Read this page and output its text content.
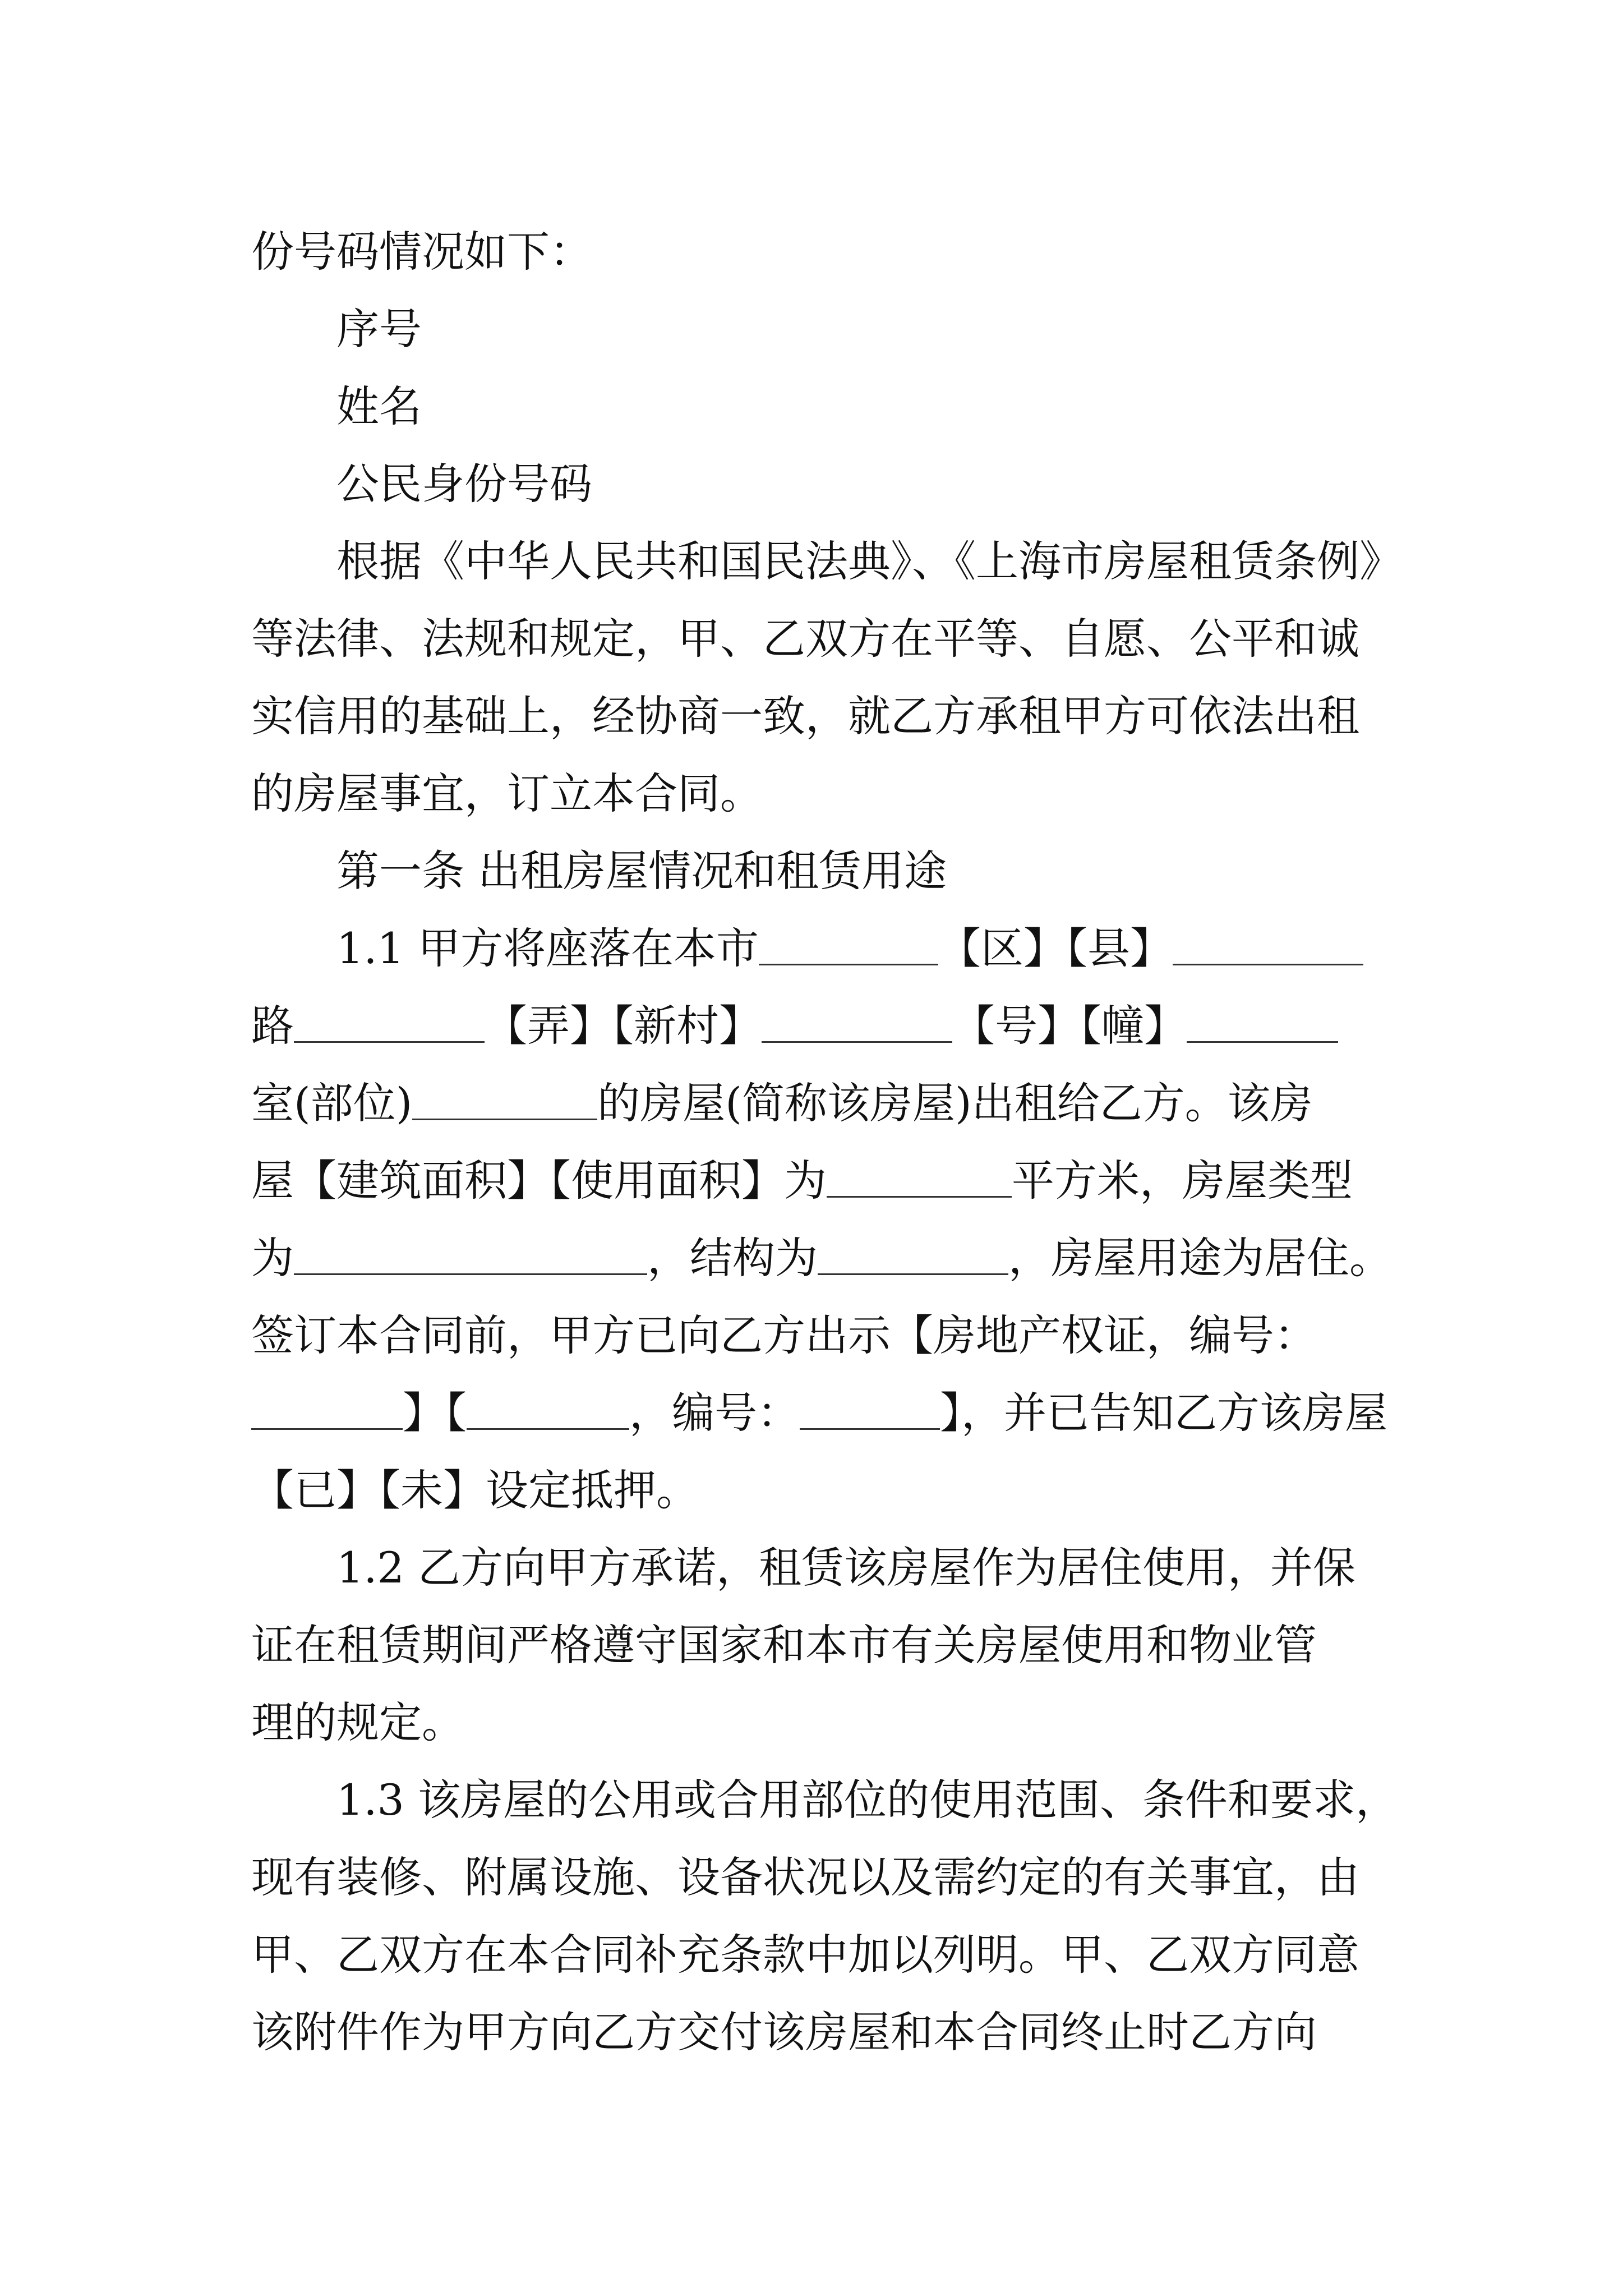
份号码情况如下：
序号
姓名
公民身份号码
根据《中华人民共和国民法典》、《上海市房屋租赁条例》
等法律、法规和规定，甲、乙双方在平等、自愿、公平和诚
实信用的基础上，经协商一致，就乙方承租甲方可依法出租
的房屋事宜，订立本合同。
第一条 出租房屋情况和租赁用途
1.1 甲方将座落在本市	【区】【县】
路	【弄】【新村】	【号】【幢】
室(部位)	的房屋(简称该房屋)出租给乙方。该房
屋【建筑面积】【使用面积】为	平方米，房屋类型
为	，结构为	，房屋用途为居住。
签订本合同前，甲方已向乙方出示【房地产权证，编号：
】【	，编号：	】，并已告知乙方该房屋
【已】【未】设定抵押。
1.2 乙方向甲方承诺，租赁该房屋作为居住使用，并保
证在租赁期间严格遵守国家和本市有关房屋使用和物业管
理的规定。
1.3 该房屋的公用或合用部位的使用范围、条件和要求，
现有装修、附属设施、设备状况以及需约定的有关事宜，由
甲、乙双方在本合同补充条款中加以列明。甲、乙双方同意
该附件作为甲方向乙方交付该房屋和本合同终止时乙方向
